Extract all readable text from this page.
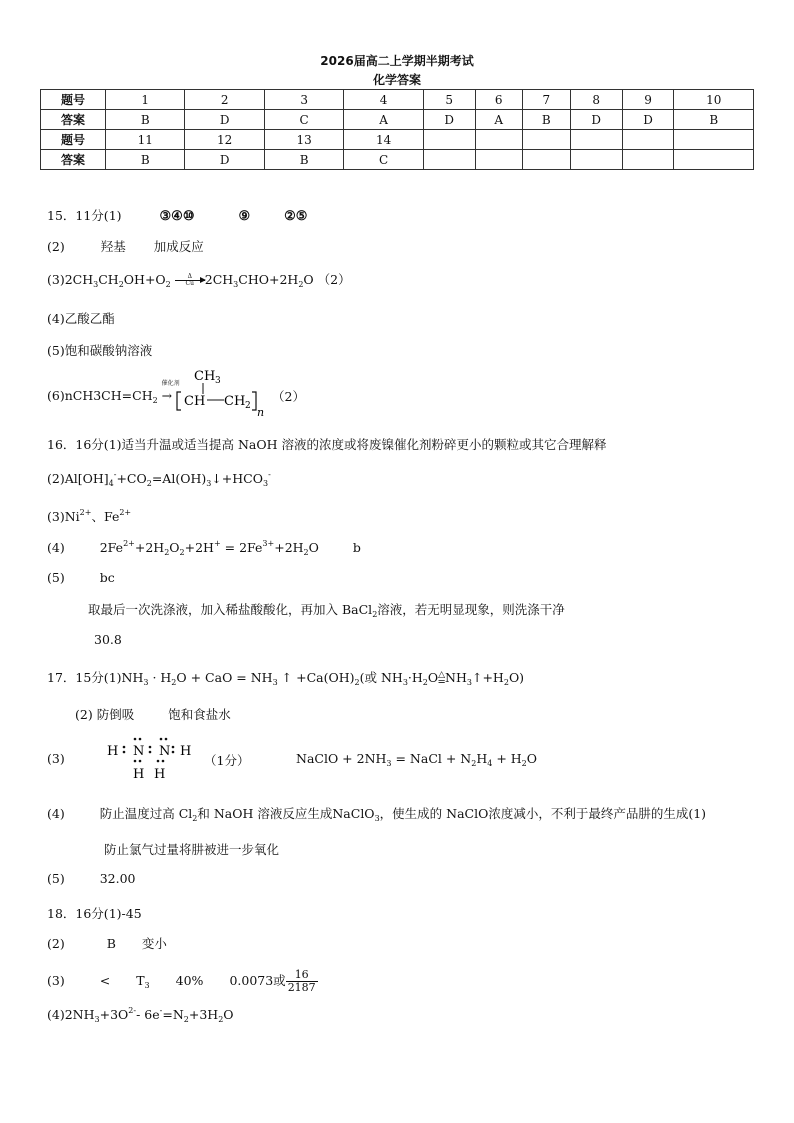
2026届高二上学期半期考试
化学答案
题号	1	2	3	4	5	6	7	8	9	10
答案	B	D	C	A	D	A	B	D	D	B
题号	11	12	13	14						
答案	B	D	B	C						
15．11分(1)	③④⑩	⑨	②⑤
(2)	羟基 加成反应
$(3)2CH_3CH_2OH+O_2 \frac{\Delta}{Cu} 2CH_3CHO+2H_2O$ （2）
(4)乙酸乙酯
(5)饱和碳酸钠溶液
$(6)nCH3CH=CH_2$
催化剂
→
CH 3
CH CH 2 n
（2）
16．16分(1)适当升温或适当提高 NaOH 溶液的浓度或将废镍催化剂粉碎更小的颗粒或其它合理解释
$(2)Al[OH]_4^-+CO_2=Al(OH)_3↓+HCO_3^-$
$(3)Ni^{2+}$、$Fe^{2+}$
(4)	$2Fe^{2+}+2H_2O_2+2H^+ = 2Fe^{3+}+2H_2O$	b
(5)	bc
取最后一次洗涤液，加入稀盐酸酸化，再加入 BaCl$_2$溶液，若无明显现象，则洗涤干净
30.8
17．15分$(1)NH_3 \cdot H_2O$ + CaO = $NH_3$ ↑ $+Ca(OH)_2$(或 $NH_3\cdot H_2O$ △
═ $NH_3↑+H_2O$)
(2) 防倒吸	饱和食盐水
(3)	H N N H
H H
（1分）	NaClO + $2NH_3$ = NaCl + $N_2H_4 + H_2O$
(4)	防止温度过高 $Cl_2$和 NaOH 溶液反应生成NaClO$_3$，使生成的 NaClO浓度减小，不利于最终产品肼的生成(1)
防止氯气过量将肼被进一步氧化
(5)	32.00
18．16分(1)-45
(2)	B 变小
(3)	< $T_3$ 40% 0.0073或 $\frac{16}{2187}$
$(4)2NH_3+3O^{2-}-$ $6e^-=N_2+3H_2O$
